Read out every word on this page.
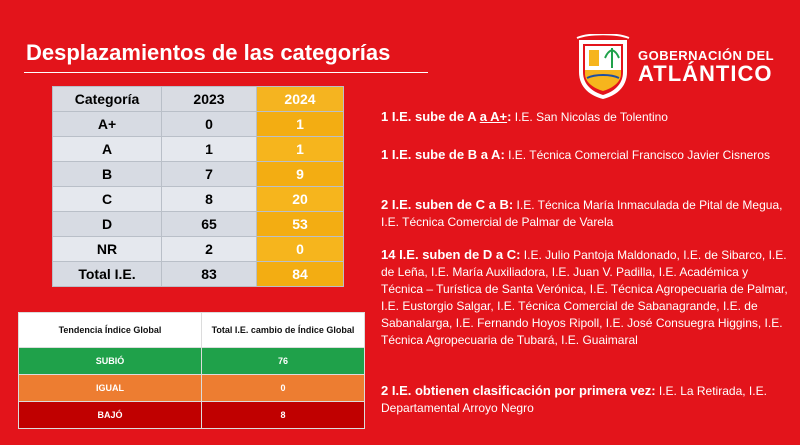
Desplazamientos de las categorías	GOBERNACIÓN DEL
ATLÁNTICO
Categoría	2023	2024
A+	0	1
A	1	1
B	7	9
C	8	20
D	65	53
NR	2	0
Total I.E.	83	84
Tendencia Índice Global	Total I.E. cambio de Índice Global
SUBIÓ	76
IGUAL	0
BAJÓ	8
1 I.E. sube de A a A+: I.E. San Nicolas de Tolentino
1 I.E. sube de B a A: I.E. Técnica Comercial Francisco Javier Cisneros
2 I.E. suben de C a B: I.E. Técnica María Inmaculada de Pital de Megua, I.E. Técnica Comercial de Palmar de Varela
14 I.E. suben de D a C: I.E. Julio Pantoja Maldonado, I.E. de Sibarco, I.E. de Leña, I.E. María Auxiliadora, I.E. Juan V. Padilla, I.E. Académica y Técnica – Turística de Santa Verónica, I.E. Técnica Agropecuaria de Palmar, I.E. Eustorgio Salgar, I.E. Técnica Comercial de Sabanagrande, I.E. de Sabanalarga, I.E. Fernando Hoyos Ripoll, I.E. José Consuegra Higgins, I.E. Técnica Agropecuaria de Tubará, I.E. Guaimaral
2 I.E. obtienen clasificación por primera vez: I.E. La Retirada, I.E. Departamental Arroyo Negro
